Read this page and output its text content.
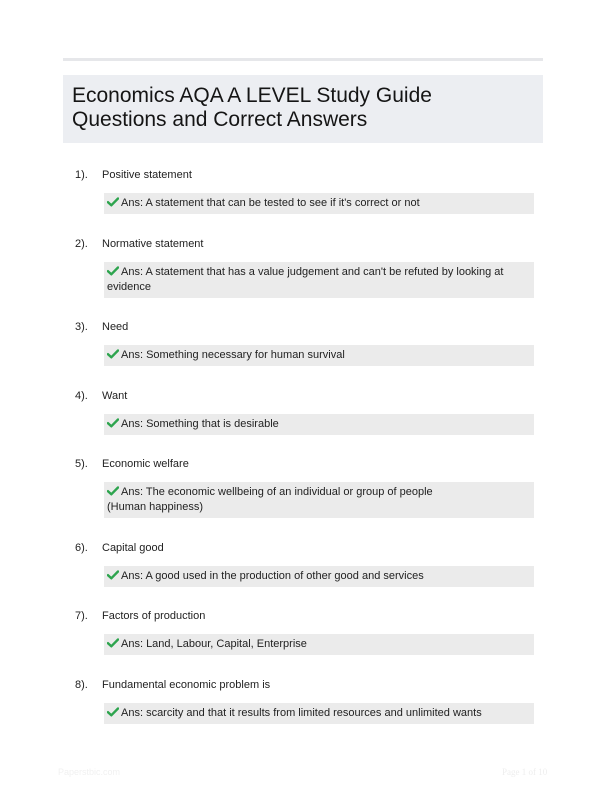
Economics AQA A LEVEL Study Guide Questions and Correct Answers
1). Positive statement
Ans: A statement that can be tested to see if it's correct or not
2). Normative statement
Ans: A statement that has a value judgement and can't be refuted by looking at evidence
3). Need
Ans: Something necessary for human survival
4). Want
Ans: Something that is desirable
5). Economic welfare
Ans: The economic wellbeing of an individual or group of people
(Human happiness)
6). Capital good
Ans: A good used in the production of other good and services
7). Factors of production
Ans: Land, Labour, Capital, Enterprise
8). Fundamental economic problem is
Ans: scarcity and that it results from limited resources and unlimited wants
Paperstbic.com	Page 1 of 10
